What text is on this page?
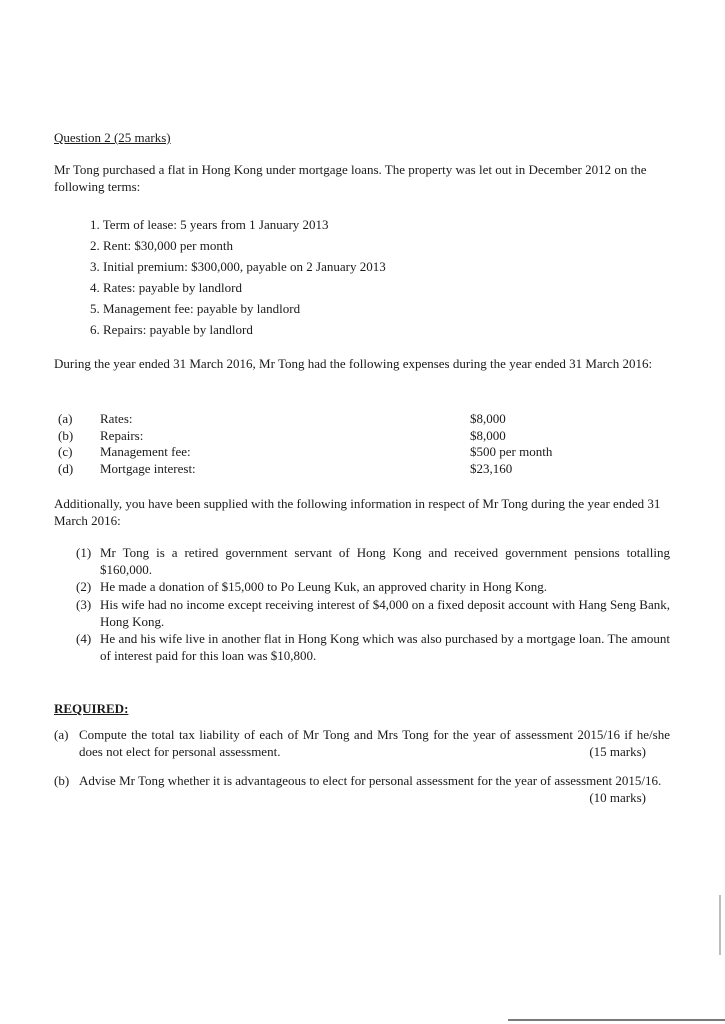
Question 2 (25 marks)
Mr Tong purchased a flat in Hong Kong under mortgage loans. The property was let out in December 2012 on the following terms:
1. Term of lease: 5 years from 1 January 2013
2. Rent: $30,000 per month
3. Initial premium: $300,000, payable on 2 January 2013
4. Rates: payable by landlord
5. Management fee: payable by landlord
6. Repairs: payable by landlord
During the year ended 31 March 2016, Mr Tong had the following expenses during the year ended 31 March 2016:
(a)	Rates:	$8,000
(b)	Repairs:	$8,000
(c)	Management fee:	$500 per month
(d)	Mortgage interest:	$23,160
Additionally, you have been supplied with the following information in respect of Mr Tong during the year ended 31 March 2016:
(1) Mr Tong is a retired government servant of Hong Kong and received government pensions totalling $160,000.
(2) He made a donation of $15,000 to Po Leung Kuk, an approved charity in Hong Kong.
(3) His wife had no income except receiving interest of $4,000 on a fixed deposit account with Hang Seng Bank, Hong Kong.
(4) He and his wife live in another flat in Hong Kong which was also purchased by a mortgage loan. The amount of interest paid for this loan was $10,800.
REQUIRED:
(a) Compute the total tax liability of each of Mr Tong and Mrs Tong for the year of assessment 2015/16 if he/she does not elect for personal assessment.	(15 marks)
(b) Advise Mr Tong whether it is advantageous to elect for personal assessment for the year of assessment 2015/16.
(10 marks)
